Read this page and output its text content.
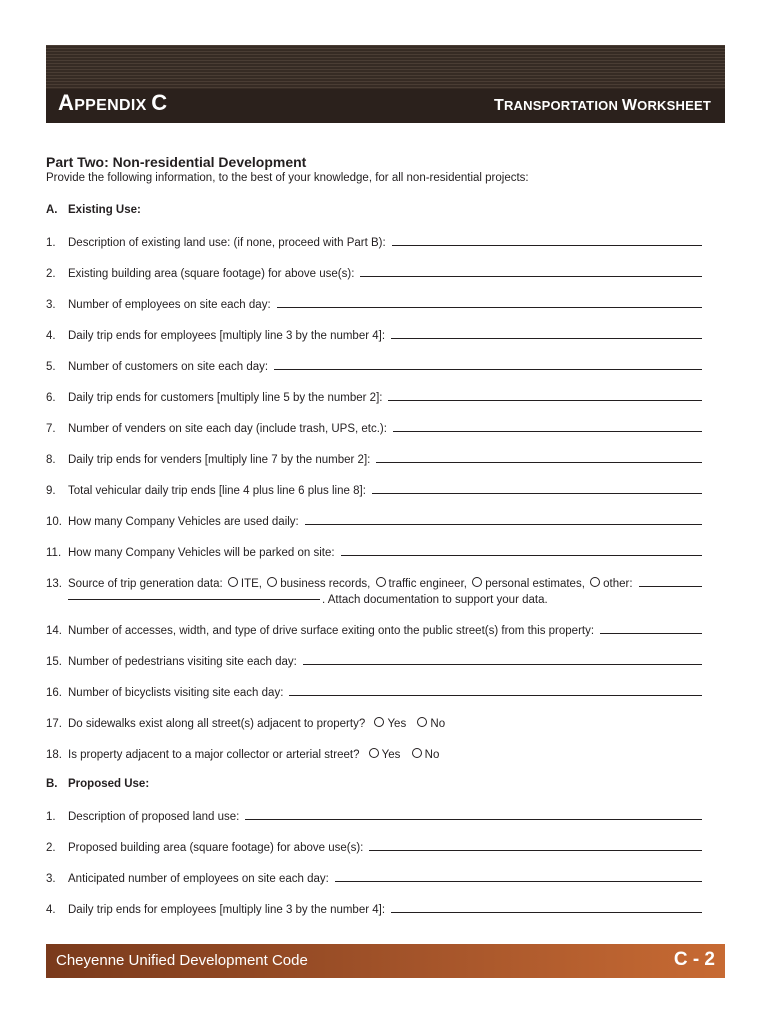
APPENDIX C	TRANSPORTATION WORKSHEET
Part Two: Non-residential Development
Provide the following information, to the best of your knowledge, for all non-residential projects:
A. Existing Use:
1.	Description of existing land use: (if none, proceed with Part B):
2.	Existing building area (square footage) for above use(s):
3.	Number of employees on site each day:
4.	Daily trip ends for employees [multiply line 3 by the number 4]:
5.	Number of customers on site each day:
6.	Daily trip ends for customers [multiply line 5 by the number 2]:
7.	Number of venders on site each day (include trash, UPS, etc.):
8.	Daily trip ends for venders [multiply line 7 by the number 2]:
9.	Total vehicular daily trip ends [line 4 plus line 6 plus line 8]:
10. How many Company Vehicles are used daily:
11. How many Company Vehicles will be parked on site:
13. Source of trip generation data: ITE, business records, traffic engineer, personal estimates, other:
. Attach documentation to support your data.
14. Number of accesses, width, and type of drive surface exiting onto the public street(s) from this property:
15. Number of pedestrians visiting site each day:
16. Number of bicyclists visiting site each day:
17. Do sidewalks exist along all street(s) adjacent to property? Yes No
18. Is property adjacent to a major collector or arterial street? Yes No
B. Proposed Use:
1.	Description of proposed land use:
2.	Proposed building area (square footage) for above use(s):
3.	Anticipated number of employees on site each day:
4.	Daily trip ends for employees [multiply line 3 by the number 4]:
Cheyenne Unified Development Code	C - 2
